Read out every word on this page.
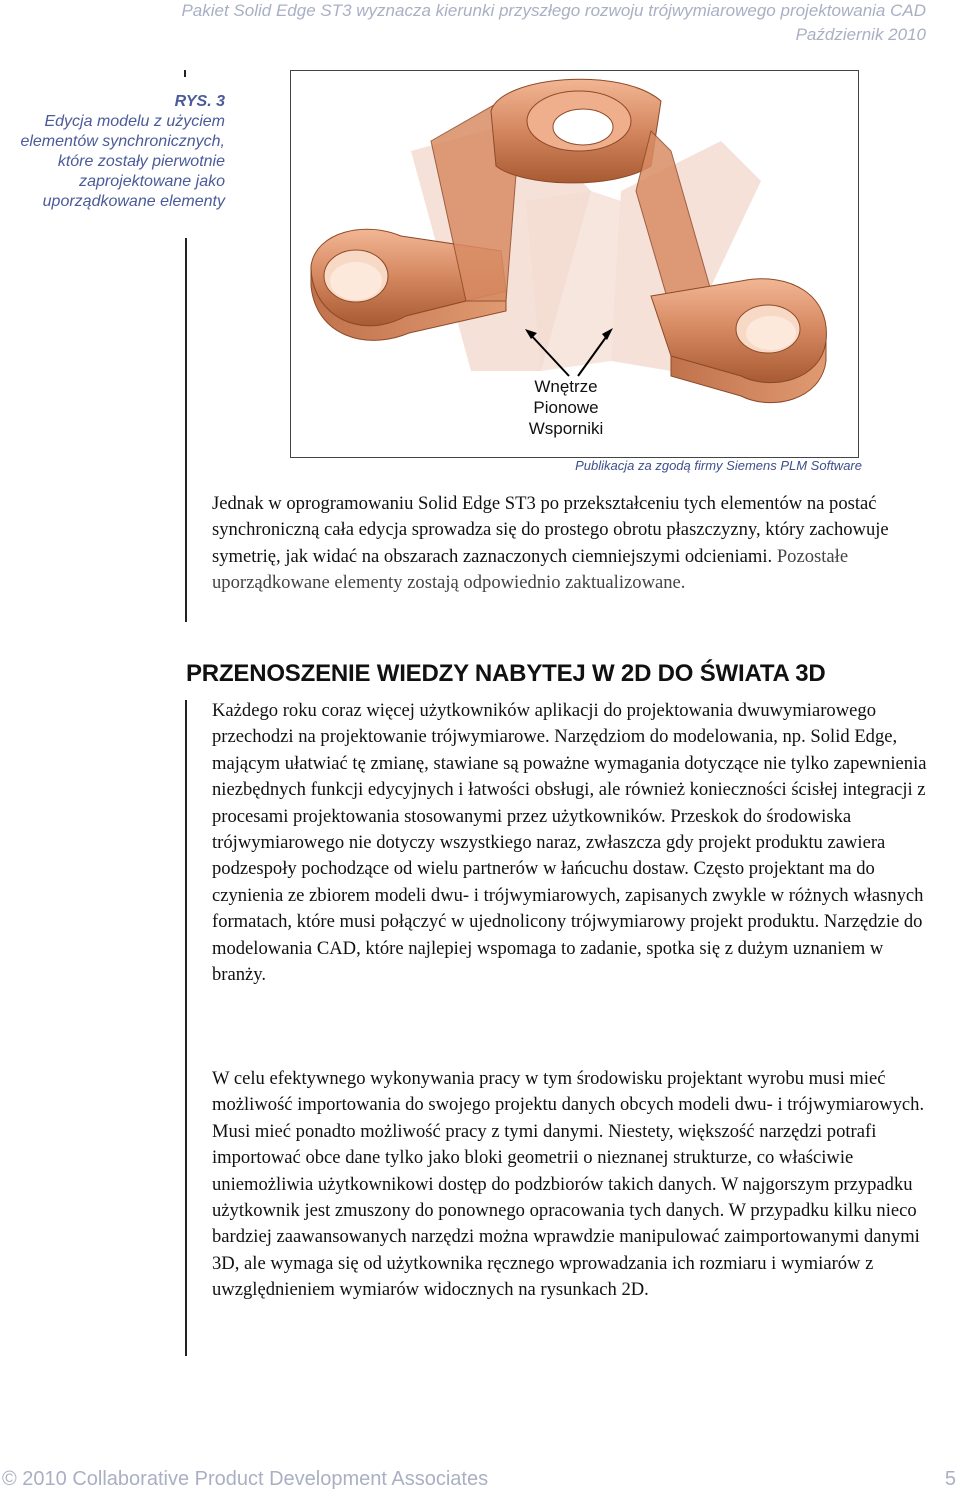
Pakiet Solid Edge ST3 wyznacza kierunki przyszłego rozwoju trójwymiarowego projektowania CAD
Październik 2010
RYS. 3
Edycja modelu z użyciem elementów synchronicznych, które zostały pierwotnie zaprojektowane jako uporządkowane elementy
Wnętrze
Pionowe
Wsporniki
Publikacja za zgodą firmy Siemens PLM Software
Jednak w oprogramowaniu Solid Edge ST3 po przekształceniu tych elementów na postać synchroniczną cała edycja sprowadza się do prostego obrotu płaszczyzny, który zachowuje symetrię, jak widać na obszarach zaznaczonych ciemniejszymi odcieniami. Pozostałe uporządkowane elementy zostają odpowiednio zaktualizowane.
PRZENOSZENIE WIEDZY NABYTEJ W 2D DO ŚWIATA 3D
Każdego roku coraz więcej użytkowników aplikacji do projektowania dwuwymiarowego przechodzi na projektowanie trójwymiarowe. Narzędziom do modelowania, np. Solid Edge, mającym ułatwiać tę zmianę, stawiane są poważne wymagania dotyczące nie tylko zapewnienia niezbędnych funkcji edycyjnych i łatwości obsługi, ale również konieczności ścisłej integracji z procesami projektowania stosowanymi przez użytkowników. Przeskok do środowiska trójwymiarowego nie dotyczy wszystkiego naraz, zwłaszcza gdy projekt produktu zawiera podzespoły pochodzące od wielu partnerów w łańcuchu dostaw. Często projektant ma do czynienia ze zbiorem modeli dwu- i trójwymiarowych, zapisanych zwykle w różnych własnych formatach, które musi połączyć w ujednolicony trójwymiarowy projekt produktu. Narzędzie do modelowania CAD, które najlepiej wspomaga to zadanie, spotka się z dużym uznaniem w branży.
W celu efektywnego wykonywania pracy w tym środowisku projektant wyrobu musi mieć możliwość importowania do swojego projektu danych obcych modeli dwu- i trójwymiarowych. Musi mieć ponadto możliwość pracy z tymi danymi. Niestety, większość narzędzi potrafi importować obce dane tylko jako bloki geometrii o nieznanej strukturze, co właściwie uniemożliwia użytkownikowi dostęp do podzbiorów takich danych. W najgorszym przypadku użytkownik jest zmuszony do ponownego opracowania tych danych. W przypadku kilku nieco bardziej zaawansowanych narzędzi można wprawdzie manipulować zaimportowanymi danymi 3D, ale wymaga się od użytkownika ręcznego wprowadzania ich rozmiaru i wymiarów z uwzględnieniem wymiarów widocznych na rysunkach 2D.
© 2010 Collaborative Product Development Associates	5
